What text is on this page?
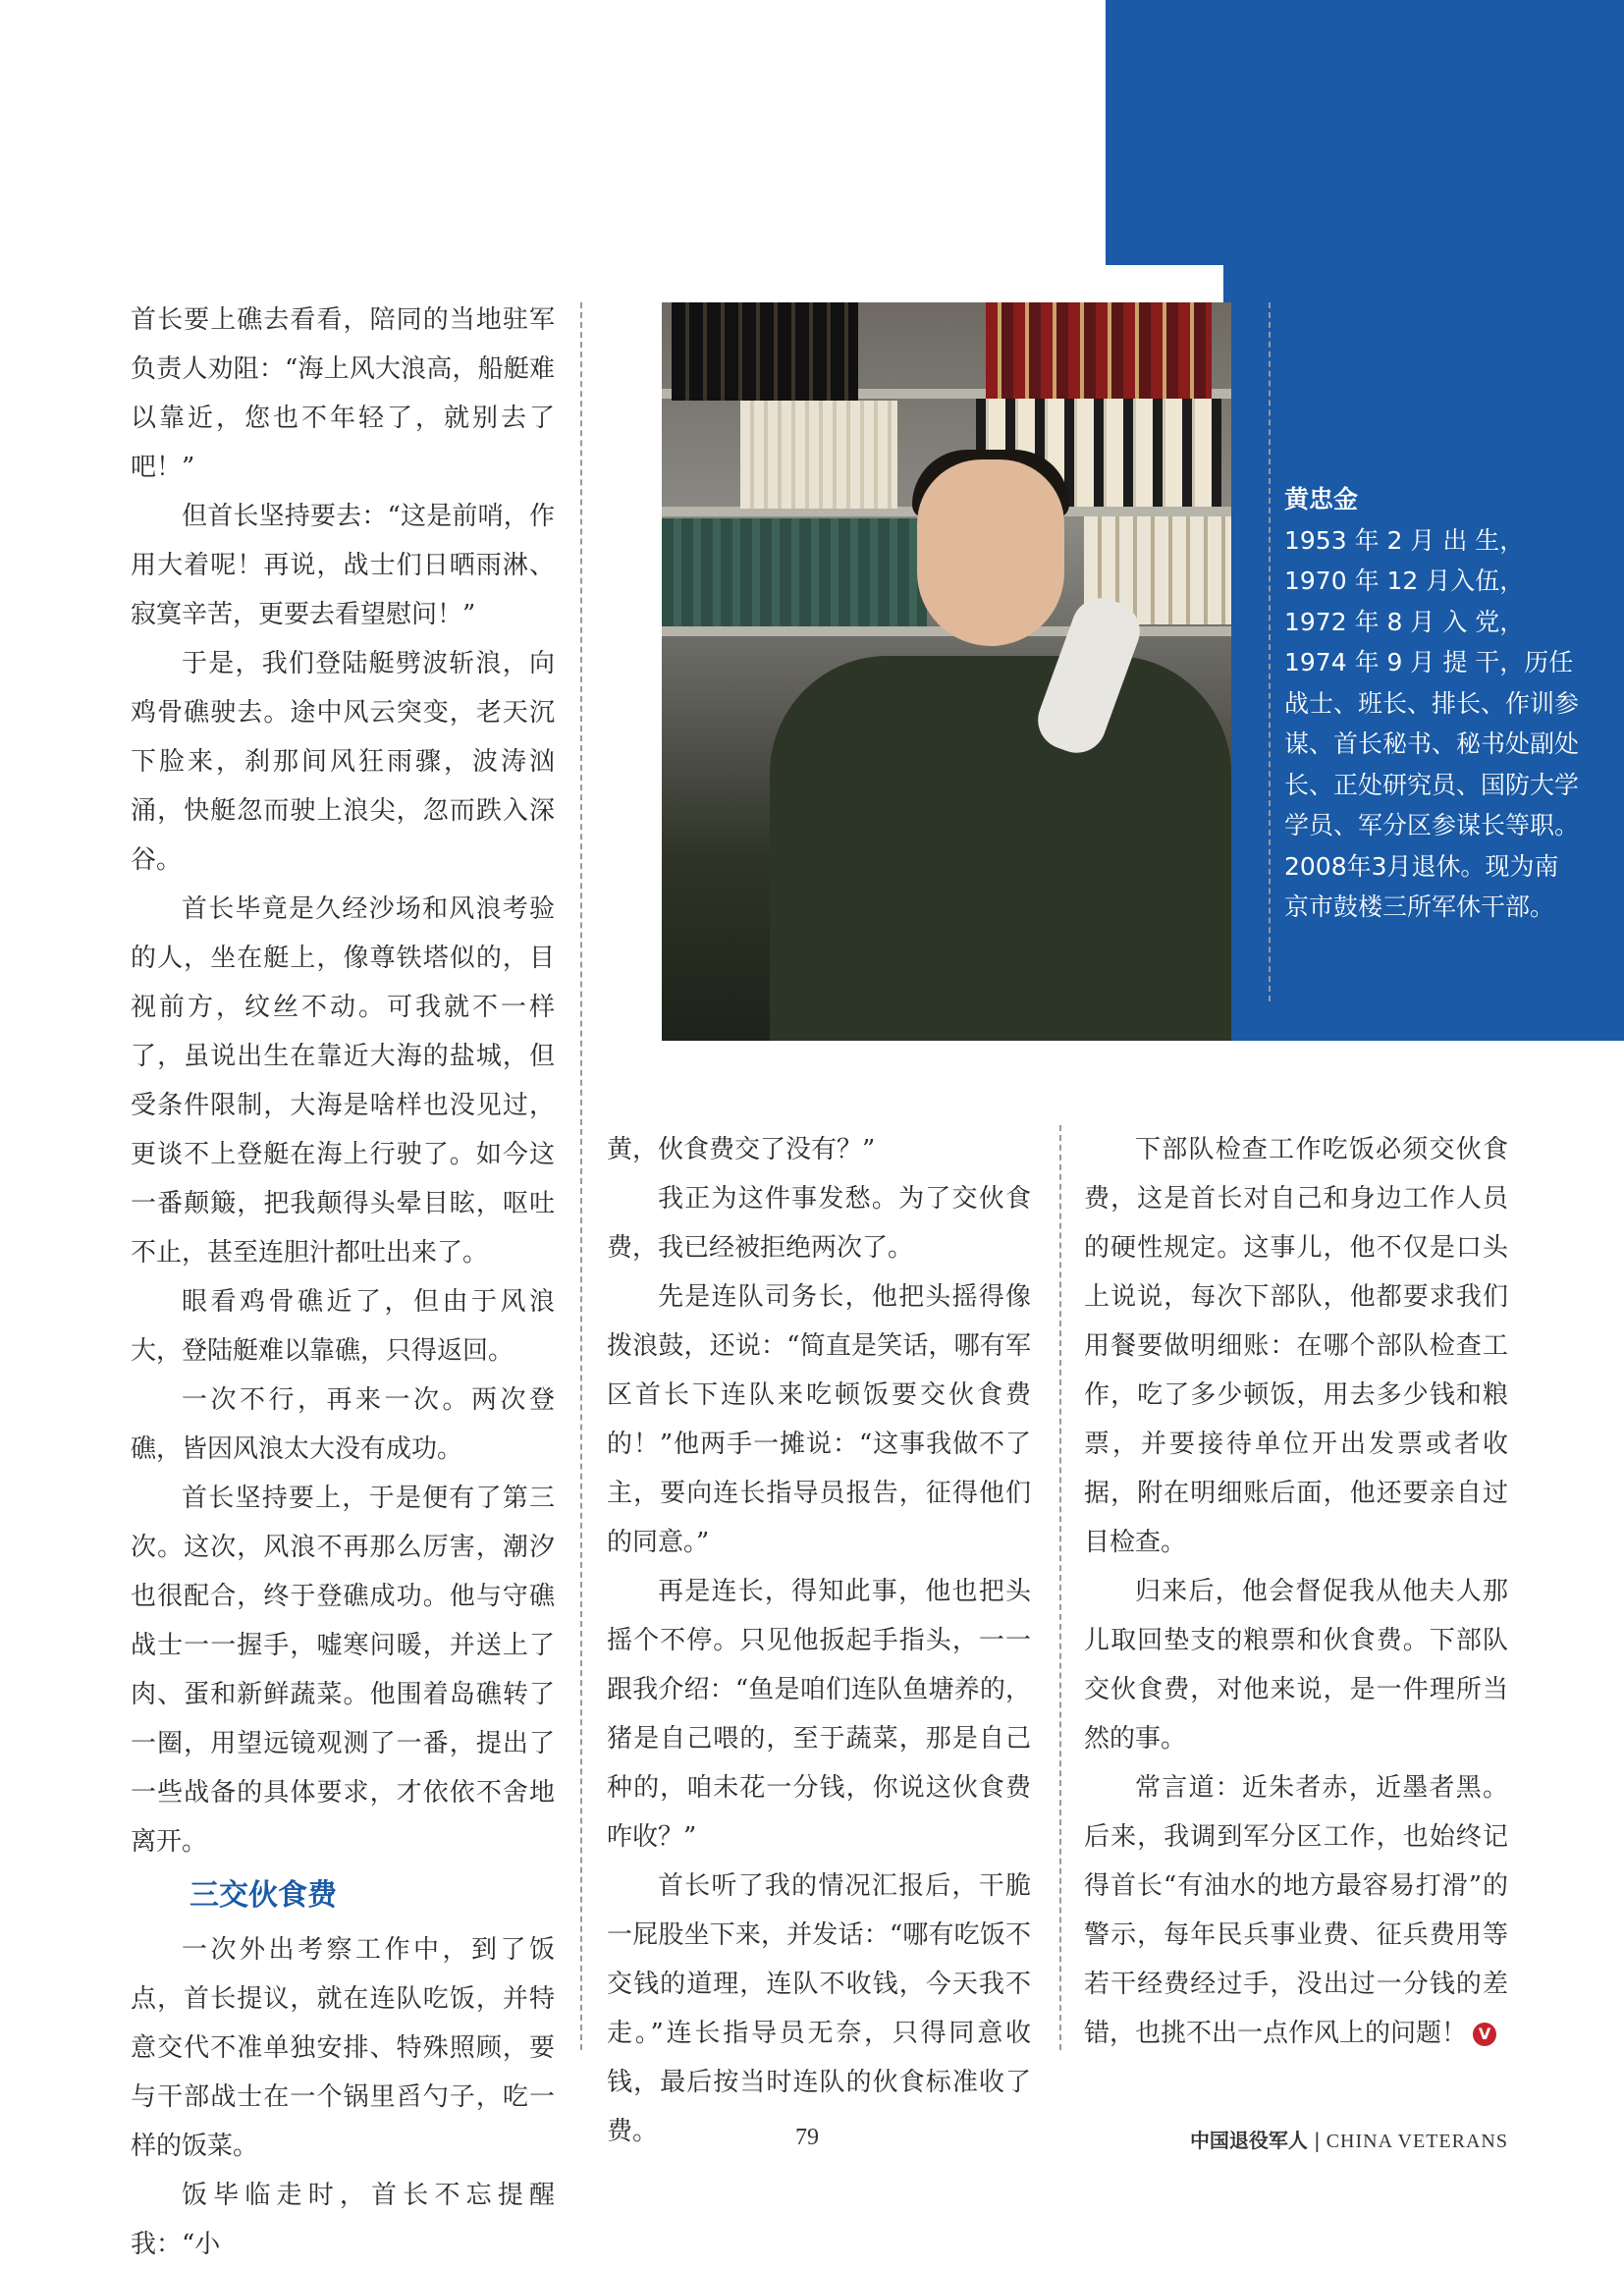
黄忠金
1953 年 2 月 出 生，1970 年 12 月入伍，1972 年 8 月 入 党，1974 年 9 月 提 干，历任战士、班长、排长、作训参谋、首长秘书、秘书处副处长、正处研究员、国防大学学员、军分区参谋长等职。2008年3月退休。现为南京市鼓楼三所军休干部。

首长要上礁去看看，陪同的当地驻军负责人劝阻：“海上风大浪高，船艇难以靠近，您也不年轻了，就别去了吧！”

但首长坚持要去：“这是前哨，作用大着呢！再说，战士们日晒雨淋、寂寞辛苦，更要去看望慰问！”

于是，我们登陆艇劈波斩浪，向鸡骨礁驶去。途中风云突变，老天沉下脸来，刹那间风狂雨骤，波涛汹涌，快艇忽而驶上浪尖，忽而跌入深谷。

首长毕竟是久经沙场和风浪考验的人，坐在艇上，像尊铁塔似的，目视前方，纹丝不动。可我就不一样了，虽说出生在靠近大海的盐城，但受条件限制，大海是啥样也没见过，更谈不上登艇在海上行驶了。如今这一番颠簸，把我颠得头晕目眩，呕吐不止，甚至连胆汁都吐出来了。

眼看鸡骨礁近了，但由于风浪大，登陆艇难以靠礁，只得返回。

一次不行，再来一次。两次登礁，皆因风浪太大没有成功。

首长坚持要上，于是便有了第三次。这次，风浪不再那么厉害，潮汐也很配合，终于登礁成功。他与守礁战士一一握手，嘘寒问暖，并送上了肉、蛋和新鲜蔬菜。他围着岛礁转了一圈，用望远镜观测了一番，提出了一些战备的具体要求，才依依不舍地离开。

三交伙食费

一次外出考察工作中，到了饭点，首长提议，就在连队吃饭，并特意交代不准单独安排、特殊照顾，要与干部战士在一个锅里舀勺子，吃一样的饭菜。

饭毕临走时，首长不忘提醒我：“小

黄，伙食费交了没有？”

我正为这件事发愁。为了交伙食费，我已经被拒绝两次了。

先是连队司务长，他把头摇得像拨浪鼓，还说：“简直是笑话，哪有军区首长下连队来吃顿饭要交伙食费的！”他两手一摊说：“这事我做不了主，要向连长指导员报告，征得他们的同意。”

再是连长，得知此事，他也把头摇个不停。只见他扳起手指头，一一跟我介绍：“鱼是咱们连队鱼塘养的，猪是自己喂的，至于蔬菜，那是自己种的，咱未花一分钱，你说这伙食费咋收？”

首长听了我的情况汇报后，干脆一屁股坐下来，并发话：“哪有吃饭不交钱的道理，连队不收钱，今天我不走。”连长指导员无奈，只得同意收钱，最后按当时连队的伙食标准收了费。

下部队检查工作吃饭必须交伙食费，这是首长对自己和身边工作人员的硬性规定。这事儿，他不仅是口头上说说，每次下部队，他都要求我们用餐要做明细账：在哪个部队检查工作，吃了多少顿饭，用去多少钱和粮票，并要接待单位开出发票或者收据，附在明细账后面，他还要亲自过目检查。

归来后，他会督促我从他夫人那儿取回垫支的粮票和伙食费。下部队交伙食费，对他来说，是一件理所当然的事。

常言道：近朱者赤，近墨者黑。后来，我调到军分区工作，也始终记得首长“有油水的地方最容易打滑”的警示，每年民兵事业费、征兵费用等若干经费经过手，没出过一分钱的差错，也挑不出一点作风上的问题！ V

79	中国退役军人 | CHINA VETERANS
